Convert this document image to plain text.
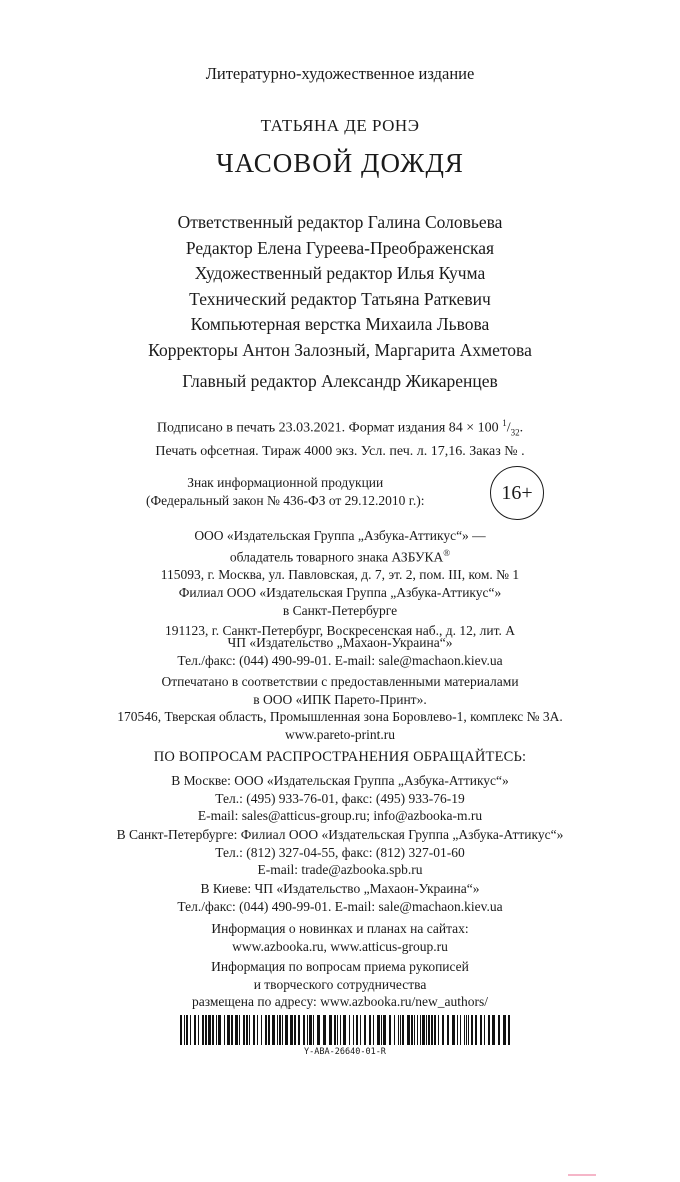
Литературно-художественное издание
ТАТЬЯНА ДЕ РОНЭ
ЧАСОВОЙ ДОЖДЯ
Ответственный редактор Галина Соловьева
Редактор Елена Гуреева-Преображенская
Художественный редактор Илья Кучма
Технический редактор Татьяна Раткевич
Компьютерная верстка Михаила Львова
Корректоры Антон Залозный, Маргарита Ахметова
Главный редактор Александр Жикаренцев
Подписано в печать 23.03.2021. Формат издания 84 × 100 $^1/_{32}$.
Печать офсетная. Тираж 4000 экз. Усл. печ. л. 17,16. Заказ № .
Знак информационной продукции
(Федеральный закон № 436-ФЗ от 29.12.2010 г.):	16+
ООО «Издательская Группа „Азбука-Аттикус“» —
обладатель товарного знака АЗБУКА®
115093, г. Москва, ул. Павловская, д. 7, эт. 2, пом. III, ком. № 1
Филиал ООО «Издательская Группа „Азбука-Аттикус“»
в Санкт-Петербурге
191123, г. Санкт-Петербург, Воскресенская наб., д. 12, лит. А
ЧП «Издательство „Махаон-Украина“»
Тел./факс: (044) 490-99-01. E-mail: sale@machaon.kiev.ua
Отпечатано в соответствии с предоставленными материалами
в ООО «ИПК Парето-Принт».
170546, Тверская область, Промышленная зона Боровлево-1, комплекс № 3А.
www.pareto-print.ru
ПО ВОПРОСАМ РАСПРОСТРАНЕНИЯ ОБРАЩАЙТЕСЬ:
В Москве: ООО «Издательская Группа „Азбука-Аттикус“»
Тел.: (495) 933-76-01, факс: (495) 933-76-19
E-mail: sales@atticus-group.ru; info@azbooka-m.ru
В Санкт-Петербурге: Филиал ООО «Издательская Группа „Азбука-Аттикус“»
Тел.: (812) 327-04-55, факс: (812) 327-01-60
E-mail: trade@azbooka.spb.ru
В Киеве: ЧП «Издательство „Махаон-Украина“»
Тел./факс: (044) 490-99-01. E-mail: sale@machaon.kiev.ua
Информация о новинках и планах на сайтах:
www.azbooka.ru, www.atticus-group.ru
Информация по вопросам приема рукописей
и творческого сотрудничества
размещена по адресу: www.azbooka.ru/new_authors/
Y-ABA-26640-01-R
